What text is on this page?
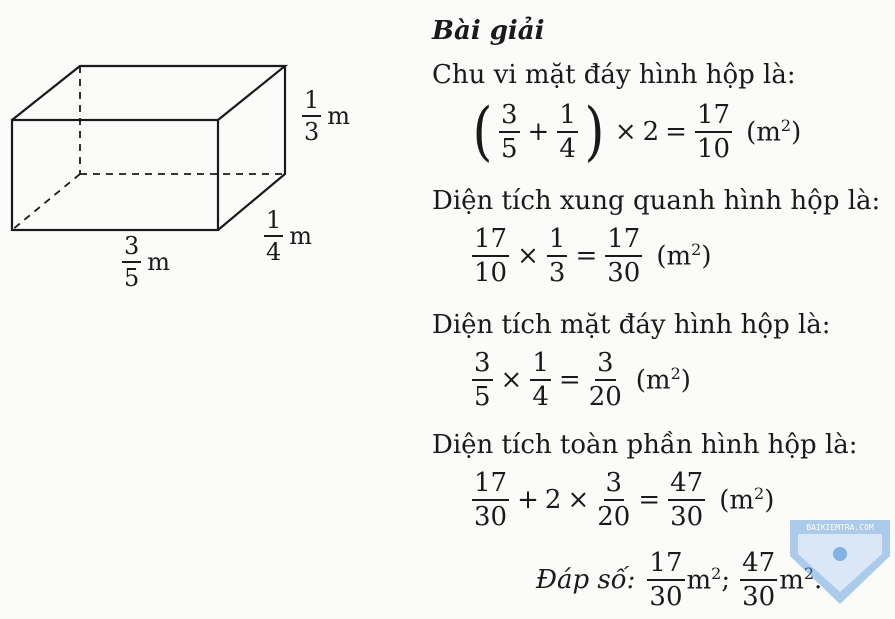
$\frac{1}{3}$ m
$\frac{1}{4}$ m
$\frac{3}{5}$ m
Bài giải
Chu vi mặt đáy hình hộp là:
( $\frac{3}{5} + \frac{1}{4}$ ) × $2 = \frac{17}{10} (m^2)$
Diện tích xung quanh hình hộp là:
$\frac{17}{10} \times \frac{1}{3} = \frac{17}{30} (m^2)$
Diện tích mặt đáy hình hộp là:
$\frac{3}{5} \times \frac{1}{4} = \frac{3}{20} (m^2)$
Diện tích toàn phần hình hộp là:
$\frac{17}{30} + 2 \times \frac{3}{20} = \frac{47}{30} (m^2)$
Đáp số: $\frac{17}{30} m^2$ ; $\frac{47}{30} m^2$ .
BAIKIEMTRA.COM
